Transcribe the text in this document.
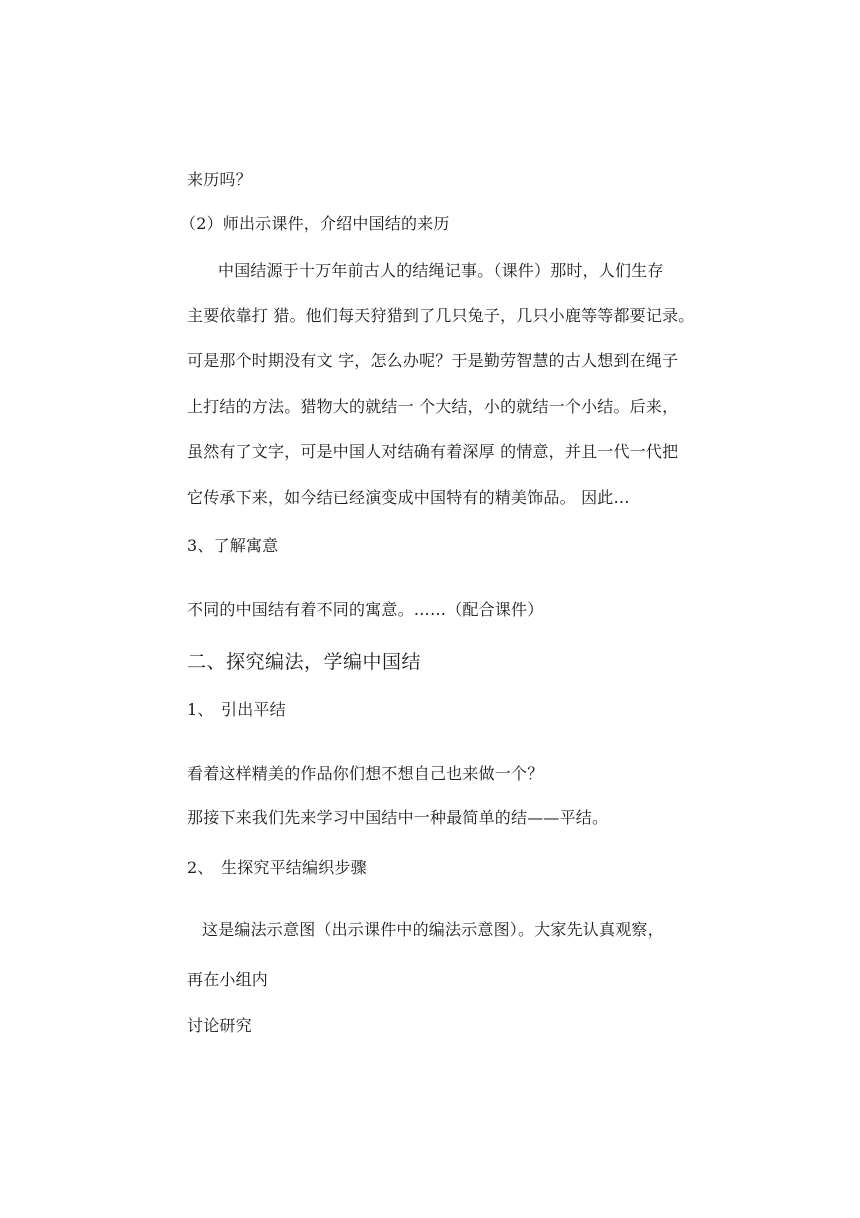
来历吗？
（2）师出示课件，介绍中国结的来历
中国结源于十万年前古人的结绳记事。（课件）那时，人们生存
主要依靠打 猎。他们每天狩猎到了几只兔子，几只小鹿等等都要记录。
可是那个时期没有文 字，怎么办呢？于是勤劳智慧的古人想到在绳子
上打结的方法。猎物大的就结一 个大结，小的就结一个小结。后来，
虽然有了文字，可是中国人对结确有着深厚 的情意，并且一代一代把
它传承下来，如今结已经演变成中国特有的精美饰品。 因此…
3、了解寓意
不同的中国结有着不同的寓意。……（配合课件）
二、探究编法，学编中国结
1、 引出平结
看着这样精美的作品你们想不想自己也来做一个？
那接下来我们先来学习中国结中一种最简单的结——平结。
2、 生探究平结编织步骤
这是编法示意图（出示课件中的编法示意图）。大家先认真观察，
再在小组内
讨论研究
